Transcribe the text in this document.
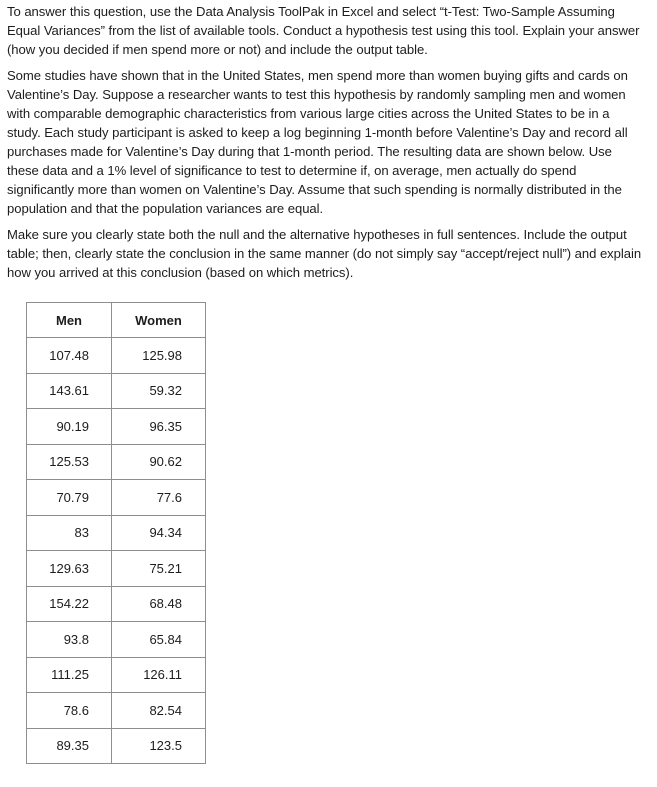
To answer this question, use the Data Analysis ToolPak in Excel and select “t-Test: Two-Sample Assuming Equal Variances” from the list of available tools. Conduct a hypothesis test using this tool. Explain your answer (how you decided if men spend more or not) and include the output table.

Some studies have shown that in the United States, men spend more than women buying gifts and cards on Valentine’s Day. Suppose a researcher wants to test this hypothesis by randomly sampling men and women with comparable demographic characteristics from various large cities across the United States to be in a study. Each study participant is asked to keep a log beginning 1-month before Valentine’s Day and record all purchases made for Valentine’s Day during that 1-month period. The resulting data are shown below. Use these data and a 1% level of significance to test to determine if, on average, men actually do spend significantly more than women on Valentine’s Day. Assume that such spending is normally distributed in the population and that the population variances are equal.

Make sure you clearly state both the null and the alternative hypotheses in full sentences. Include the output table; then, clearly state the conclusion in the same manner (do not simply say “accept/reject null”) and explain how you arrived at this conclusion (based on which metrics).

Men	Women
107.48	125.98
143.61	59.32
90.19	96.35
125.53	90.62
70.79	77.6
83	94.34
129.63	75.21
154.22	68.48
93.8	65.84
111.25	126.11
78.6	82.54
89.35	123.5
